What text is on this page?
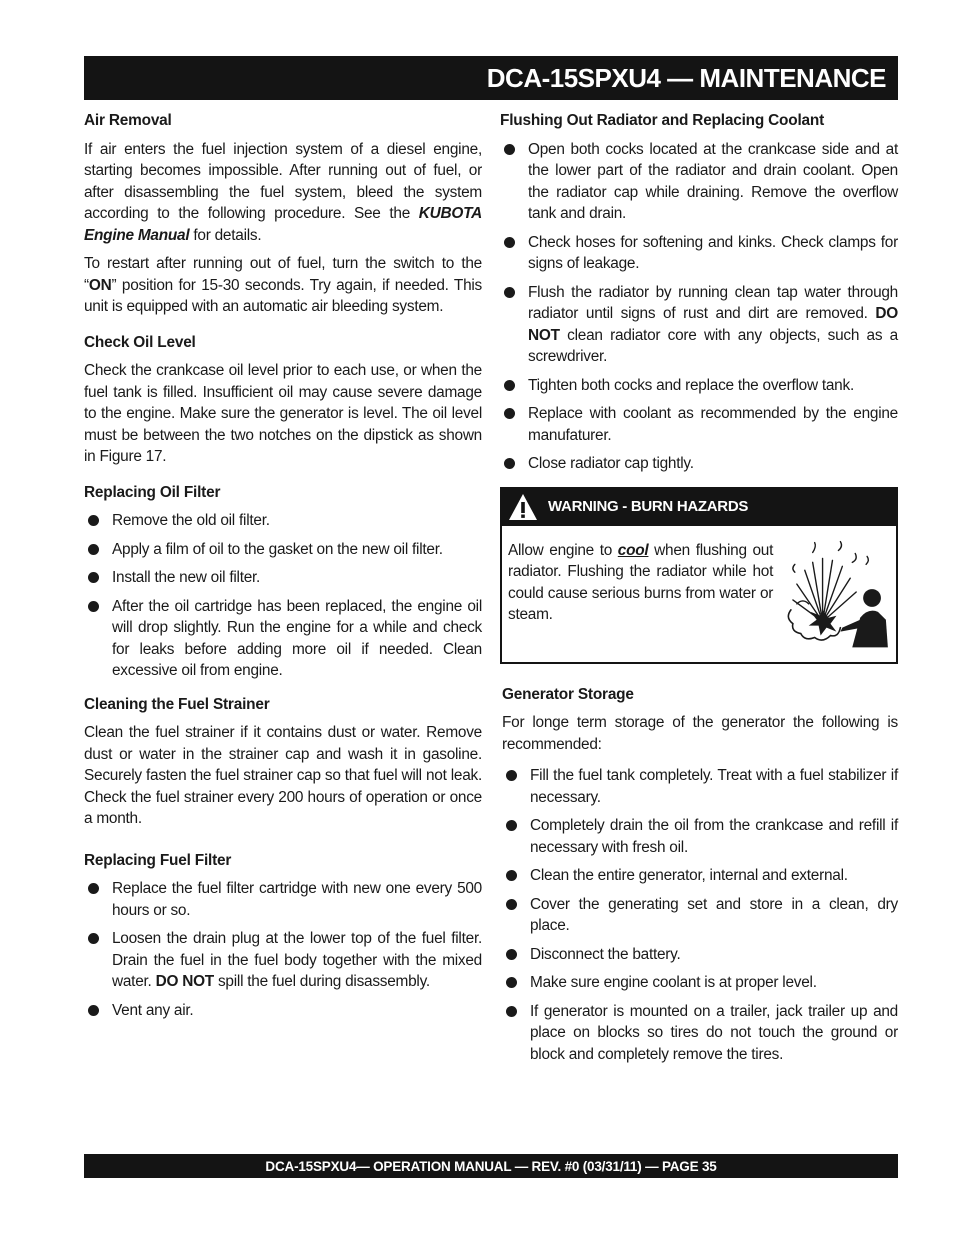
DCA-15SPXU4 — MAINTENANCE
Air Removal

If air enters the fuel injection system of a diesel engine, starting becomes impossible. After running out of fuel, or after disassembling the fuel system, bleed the system according to the following procedure. See the KUBOTA Engine Manual for details.

To restart after running out of fuel, turn the switch to the “ON” position for 15-30 seconds. Try again, if needed. This unit is equipped with an automatic air bleeding system.

Check Oil Level

Check the crankcase oil level prior to each use, or when the fuel tank is filled. Insufficient oil may cause severe damage to the engine. Make sure the generator is level. The oil level must be between the two notches on the dipstick as shown in Figure 17.

Replacing Oil Filter
Remove the old oil filter.
Apply a film of oil to the gasket on the new oil filter.
Install the new oil filter.
After the oil cartridge has been replaced, the engine oil will drop slightly. Run the engine for a while and check for leaks before adding more oil if needed. Clean excessive oil from engine.
Cleaning the Fuel Strainer

Clean the fuel strainer if it contains dust or water. Remove dust or water in the strainer cap and wash it in gasoline. Securely fasten the fuel strainer cap so that fuel will not leak. Check the fuel strainer every 200 hours of operation or once a month.

Replacing Fuel Filter
Replace the fuel filter cartridge with new one every 500 hours or so.
Loosen the drain plug at the lower top of the fuel filter. Drain the fuel in the fuel body together with the mixed water. DO NOT spill the fuel during disassembly.
Vent any air.
Flushing Out Radiator and Replacing Coolant
Open both cocks located at the crankcase side and at the lower part of the radiator and drain coolant. Open the radiator cap while draining. Remove the overflow tank and drain.
Check hoses for softening and kinks. Check clamps for signs of leakage.
Flush the radiator by running clean tap water through radiator until signs of rust and dirt are removed. DO NOT clean radiator core with any objects, such as a screwdriver.
Tighten both cocks and replace the overflow tank.
Replace with coolant as recommended by the engine manufaturer.
Close radiator cap tightly.
WARNING - BURN HAZARDS
Allow engine to cool when flushing out radiator. Flushing the radiator while hot could cause serious burns from water or steam.
Generator Storage

For longe term storage of the generator the following is recommended:

Fill the fuel tank completely. Treat with a fuel stabilizer if necessary.
Completely drain the oil from the crankcase and refill if necessary with fresh oil.
Clean the entire generator, internal and external.
Cover the generating set and store in a clean, dry place.
Disconnect the battery.
Make sure engine coolant is at proper level.
If generator is mounted on a trailer, jack trailer up and place on blocks so tires do not touch the ground or block and completely remove the tires.
DCA-15SPXU4— OPERATION MANUAL — REV. #0 (03/31/11) — PAGE 35
